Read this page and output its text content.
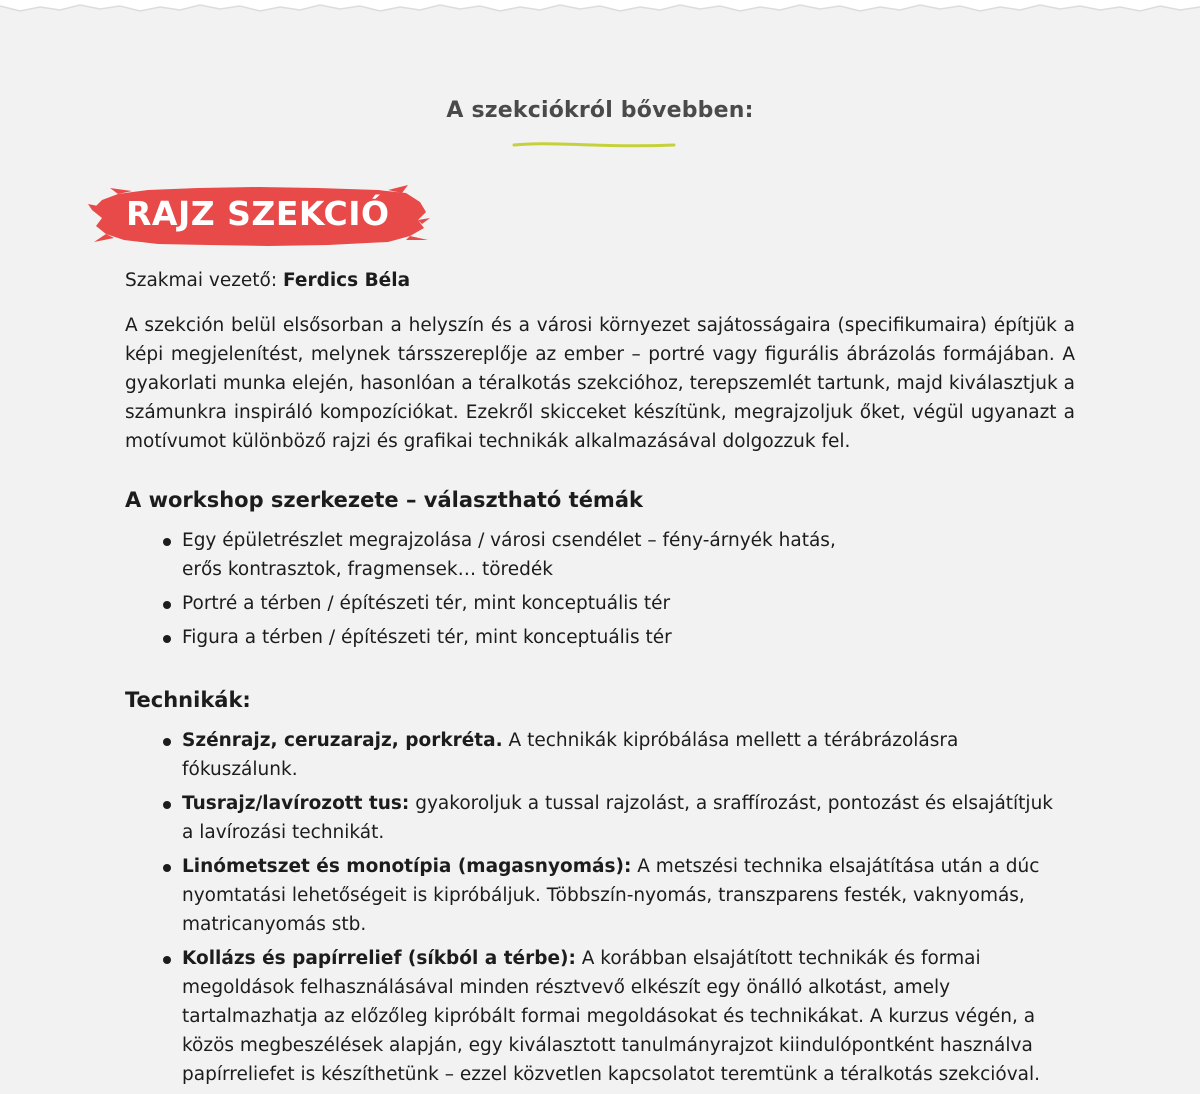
A szekciókról bővebben:
RAJZ SZEKCIÓ

Szakmai vezető: Ferdics Béla

A szekción belül elsősorban a helyszín és a városi környezet sajátosságaira (specifikumaira) építjük a képi megjelenítést, melynek társszereplője az ember – portré vagy figurális ábrázolás formájában. A gyakorlati munka elején, hasonlóan a téralkotás szekcióhoz, terepszemlét tartunk, majd kiválasztjuk a számunkra inspiráló kompozíciókat. Ezekről skicceket készítünk, megrajzoljuk őket, végül ugyanazt a motívumot különböző rajzi és grafikai technikák alkalmazásával dolgozzuk fel.

A workshop szerkezete – választható témák
Egy épületrészlet megrajzolása / városi csendélet – fény-árnyék hatás, erős kontrasztok, fragmensek… töredék
Portré a térben / építészeti tér, mint konceptuális tér
Figura a térben / építészeti tér, mint konceptuális tér
Technikák:
Szénrajz, ceruzarajz, porkréta. A technikák kipróbálása mellett a térábrázolásra fókuszálunk.
Tusrajz/lavírozott tus: gyakoroljuk a tussal rajzolást, a sraffírozást, pontozást és elsajátítjuk a lavírozási technikát.
Linómetszet és monotípia (magasnyomás): A metszési technika elsajátítása után a dúc nyomtatási lehetőségeit is kipróbáljuk. Többszín-nyomás, transzparens festék, vaknyomás, matricanyomás stb.
Kollázs és papírrelief (síkból a térbe): A korábban elsajátított technikák és formai megoldások felhasználásával minden résztvevő elkészít egy önálló alkotást, amely tartalmazhatja az előzőleg kipróbált formai megoldásokat és technikákat. A kurzus végén, a közös megbeszélések alapján, egy kiválasztott tanulmányrajzot kiindulópontként használva papírreliefet is készíthetünk – ezzel közvetlen kapcsolatot teremtünk a téralkotás szekcióval.
